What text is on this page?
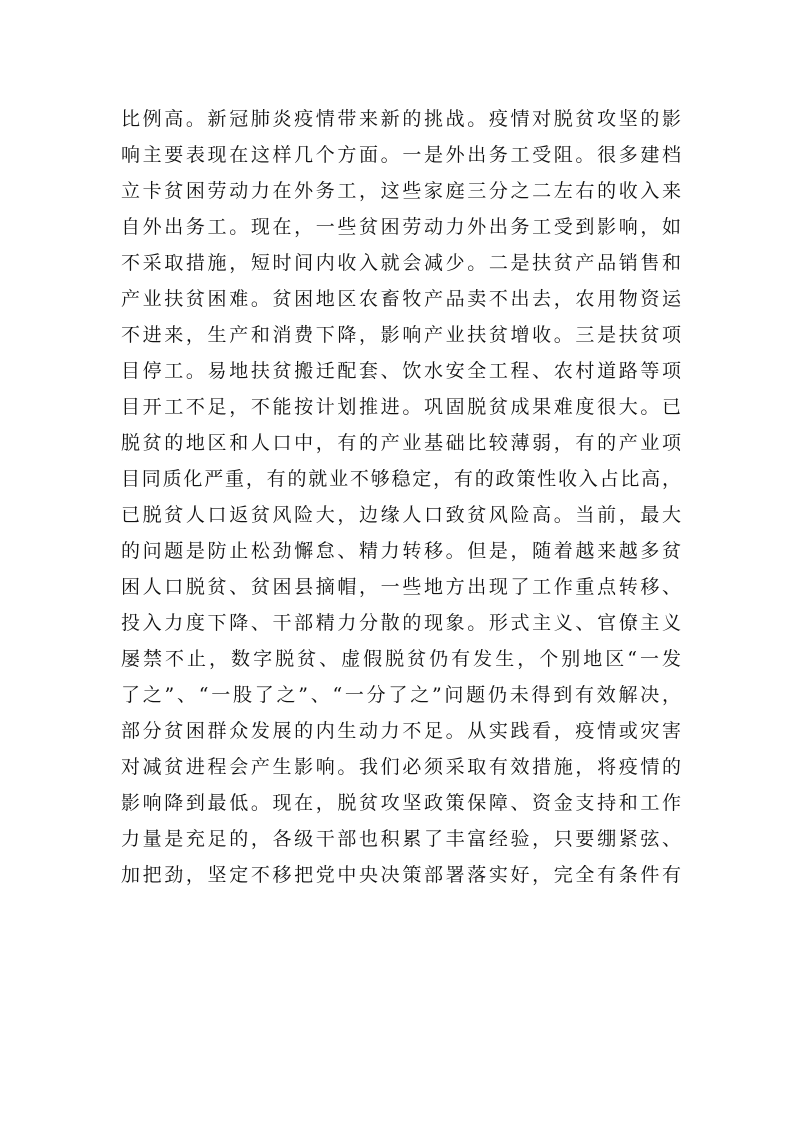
比例高。新冠肺炎疫情带来新的挑战。疫情对脱贫攻坚的影
响主要表现在这样几个方面。一是外出务工受阻。很多建档
立卡贫困劳动力在外务工，这些家庭三分之二左右的收入来
自外出务工。现在，一些贫困劳动力外出务工受到影响，如
不采取措施，短时间内收入就会减少。二是扶贫产品销售和
产业扶贫困难。贫困地区农畜牧产品卖不出去，农用物资运
不进来，生产和消费下降，影响产业扶贫增收。三是扶贫项
目停工。易地扶贫搬迁配套、饮水安全工程、农村道路等项
目开工不足，不能按计划推进。巩固脱贫成果难度很大。已
脱贫的地区和人口中，有的产业基础比较薄弱，有的产业项
目同质化严重，有的就业不够稳定，有的政策性收入占比高，
已脱贫人口返贫风险大，边缘人口致贫风险高。当前，最大
的问题是防止松劲懈怠、精力转移。但是，随着越来越多贫
困人口脱贫、贫困县摘帽，一些地方出现了工作重点转移、
投入力度下降、干部精力分散的现象。形式主义、官僚主义
屡禁不止，数字脱贫、虚假脱贫仍有发生，个别地区“一发
了之”、“一股了之”、“一分了之”问题仍未得到有效解决，
部分贫困群众发展的内生动力不足。从实践看，疫情或灾害
对减贫进程会产生影响。我们必须采取有效措施，将疫情的
影响降到最低。现在，脱贫攻坚政策保障、资金支持和工作
力量是充足的，各级干部也积累了丰富经验，只要绷紧弦、
加把劲，坚定不移把党中央决策部署落实好，完全有条件有
